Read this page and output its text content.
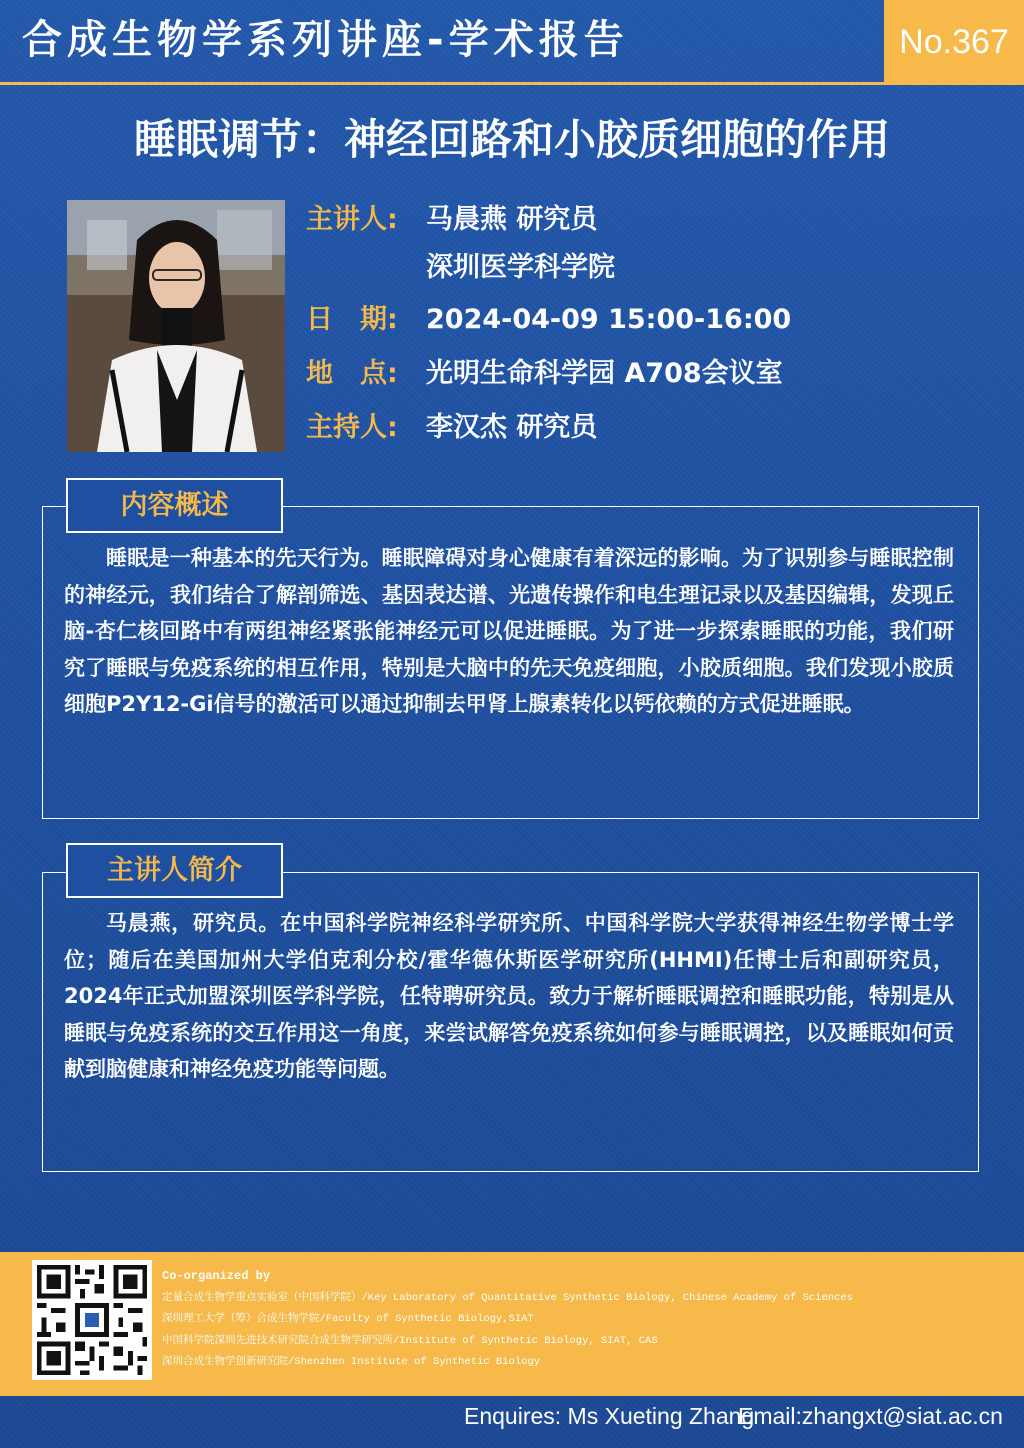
合成生物学系列讲座-学术报告	No.367
睡眠调节：神经回路和小胶质细胞的作用
主讲人:	马晨燕 研究员
深圳医学科学院
日　期:	2024-04-09 15:00-16:00
地　点:	光明生命科学园 A708会议室
主持人:	李汉杰 研究员
内容概述
睡眠是一种基本的先天行为。睡眠障碍对身心健康有着深远的影响。为了识别参与睡眠控制的神经元，我们结合了解剖筛选、基因表达谱、光遗传操作和电生理记录以及基因编辑，发现丘脑-杏仁核回路中有两组神经紧张能神经元可以促进睡眠。为了进一步探索睡眠的功能，我们研究了睡眠与免疫系统的相互作用，特别是大脑中的先天免疫细胞，小胶质细胞。我们发现小胶质细胞P2Y12-Gi信号的激活可以通过抑制去甲肾上腺素转化以钙依赖的方式促进睡眠。
主讲人简介
马晨燕，研究员。在中国科学院神经科学研究所、中国科学院大学获得神经生物学博士学位；随后在美国加州大学伯克利分校/霍华德休斯医学研究所(HHMI)任博士后和副研究员，2024年正式加盟深圳医学科学院，任特聘研究员。致力于解析睡眠调控和睡眠功能，特别是从睡眠与免疫系统的交互作用这一角度，来尝试解答免疫系统如何参与睡眠调控，以及睡眠如何贡献到脑健康和神经免疫功能等问题。
Co-organized by
定量合成生物学重点实验室（中国科学院）/Key Laboratory of Quantitative Synthetic Biology, Chinese Academy of Sciences
深圳理工大学（筹）合成生物学院/Faculty of Synthetic Biology,SIAT
中国科学院深圳先进技术研究院合成生物学研究所/Institute of Synthetic Biology, SIAT, CAS
深圳合成生物学创新研究院/Shenzhen Institute of Synthetic Biology
Enquires: Ms Xueting Zhang
Email:zhangxt@siat.ac.cn
